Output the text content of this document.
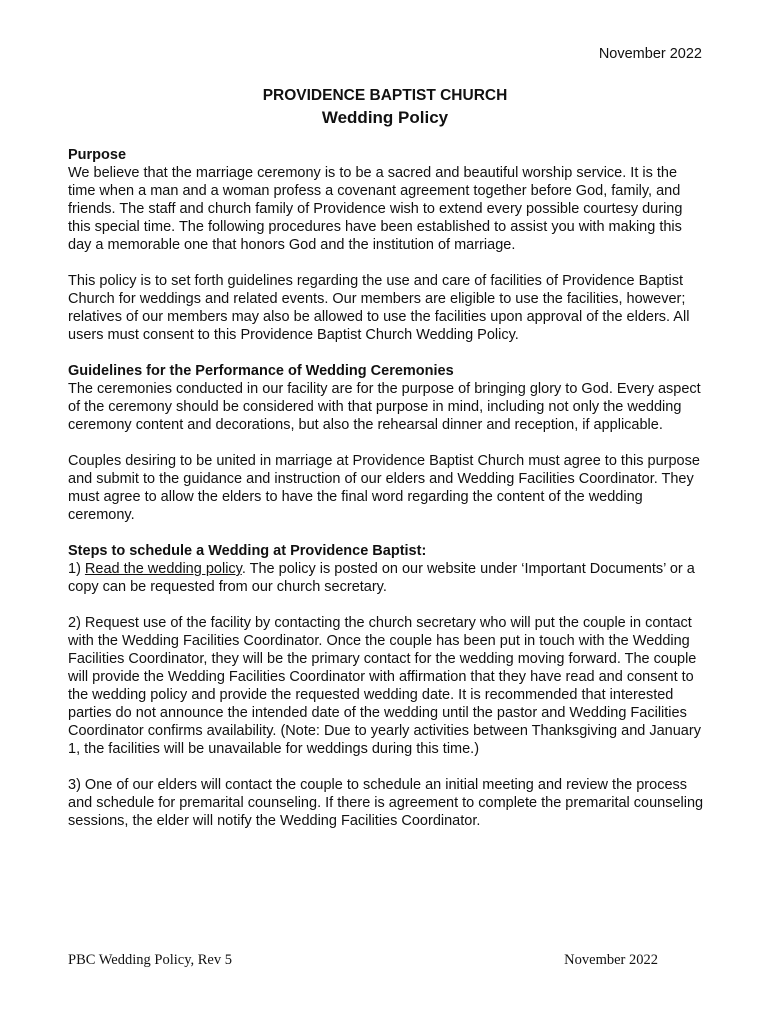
November 2022
PROVIDENCE BAPTIST CHURCH
Wedding Policy

Purpose

We believe that the marriage ceremony is to be a sacred and beautiful worship service. It is the time when a man and a woman profess a covenant agreement together before God, family, and friends. The staff and church family of Providence wish to extend every possible courtesy during this special time. The following procedures have been established to assist you with making this day a memorable one that honors God and the institution of marriage.

This policy is to set forth guidelines regarding the use and care of facilities of Providence Baptist Church for weddings and related events. Our members are eligible to use the facilities, however; relatives of our members may also be allowed to use the facilities upon approval of the elders. All users must consent to this Providence Baptist Church Wedding Policy.

Guidelines for the Performance of Wedding Ceremonies

The ceremonies conducted in our facility are for the purpose of bringing glory to God. Every aspect of the ceremony should be considered with that purpose in mind, including not only the wedding ceremony content and decorations, but also the rehearsal dinner and reception, if applicable.

Couples desiring to be united in marriage at Providence Baptist Church must agree to this purpose and submit to the guidance and instruction of our elders and Wedding Facilities Coordinator. They must agree to allow the elders to have the final word regarding the content of the wedding ceremony.

Steps to schedule a Wedding at Providence Baptist:

1) Read the wedding policy. The policy is posted on our website under ‘Important Documents’ or a copy can be requested from our church secretary.

2) Request use of the facility by contacting the church secretary who will put the couple in contact with the Wedding Facilities Coordinator. Once the couple has been put in touch with the Wedding Facilities Coordinator, they will be the primary contact for the wedding moving forward. The couple will provide the Wedding Facilities Coordinator with affirmation that they have read and consent to the wedding policy and provide the requested wedding date. It is recommended that interested parties do not announce the intended date of the wedding until the pastor and Wedding Facilities Coordinator confirms availability. (Note: Due to yearly activities between Thanksgiving and January 1, the facilities will be unavailable for weddings during this time.)

3) One of our elders will contact the couple to schedule an initial meeting and review the process and schedule for premarital counseling. If there is agreement to complete the premarital counseling sessions, the elder will notify the Wedding Facilities Coordinator.

PBC Wedding Policy, Rev 5	November 2022
